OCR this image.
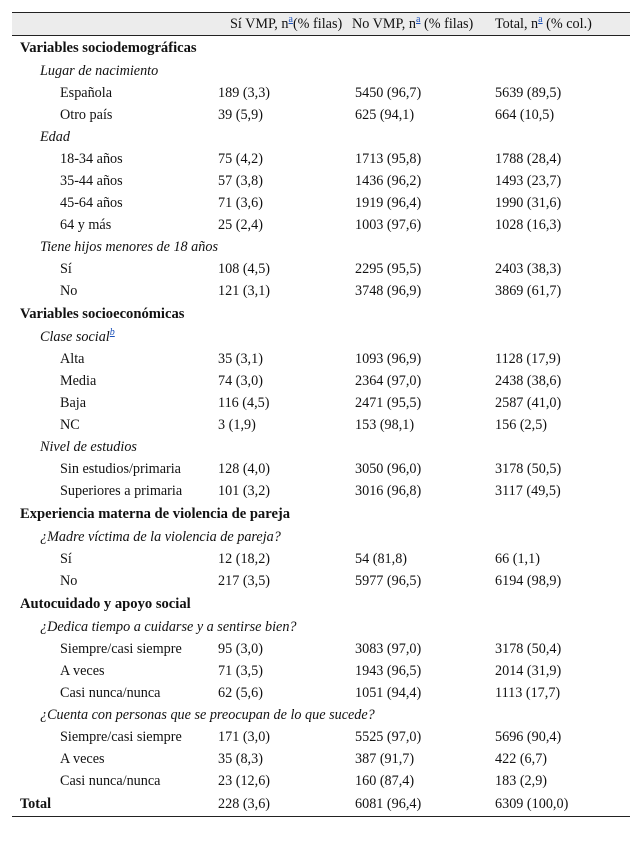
	Sí VMP, $n^a(\%$ filas)	No VMP, $n^a$ (% filas)	Total, $n^a$ (% col.)
Variables sociodemográficas			
Lugar de nacimiento			
Española	189 (3,3)	5450 (96,7)	5639 (89,5)
Otro país	39 (5,9)	625 (94,1)	664 (10,5)
Edad			
18-34 años	75 (4,2)	1713 (95,8)	1788 (28,4)
35-44 años	57 (3,8)	1436 (96,2)	1493 (23,7)
45-64 años	71 (3,6)	1919 (96,4)	1990 (31,6)
64 y más	25 (2,4)	1003 (97,6)	1028 (16,3)
Tiene hijos menores de 18 años			
Sí	108 (4,5)	2295 (95,5)	2403 (38,3)
No	121 (3,1)	3748 (96,9)	3869 (61,7)
Variables socioeconómicas			
Clase social$^b$
Alta	35 (3,1)	1093 (96,9)	1128 (17,9)
Media	74 (3,0)	2364 (97,0)	2438 (38,6)
Baja	116 (4,5)	2471 (95,5)	2587 (41,0)
NC	3 (1,9)	153 (98,1)	156 (2,5)
Nivel de estudios			
Sin estudios/primaria	128 (4,0)	3050 (96,0)	3178 (50,5)
Superiores a primaria	101 (3,2)	3016 (96,8)	3117 (49,5)
Experiencia materna de violencia de pareja			
¿Madre víctima de la violencia de pareja?			
Sí	12 (18,2)	54 (81,8)	66 (1,1)
No	217 (3,5)	5977 (96,5)	6194 (98,9)
Autocuidado y apoyo social			
¿Dedica tiempo a cuidarse y a sentirse bien?			
Siempre/casi siempre	95 (3,0)	3083 (97,0)	3178 (50,4)
A veces	71 (3,5)	1943 (96,5)	2014 (31,9)
Casi nunca/nunca	62 (5,6)	1051 (94,4)	1113 (17,7)
¿Cuenta con personas que se preocupan de lo que sucede?			
Siempre/casi siempre	171 (3,0)	5525 (97,0)	5696 (90,4)
A veces	35 (8,3)	387 (91,7)	422 (6,7)
Casi nunca/nunca	23 (12,6)	160 (87,4)	183 (2,9)
Total	228 (3,6)	6081 (96,4)	6309 (100,0)
